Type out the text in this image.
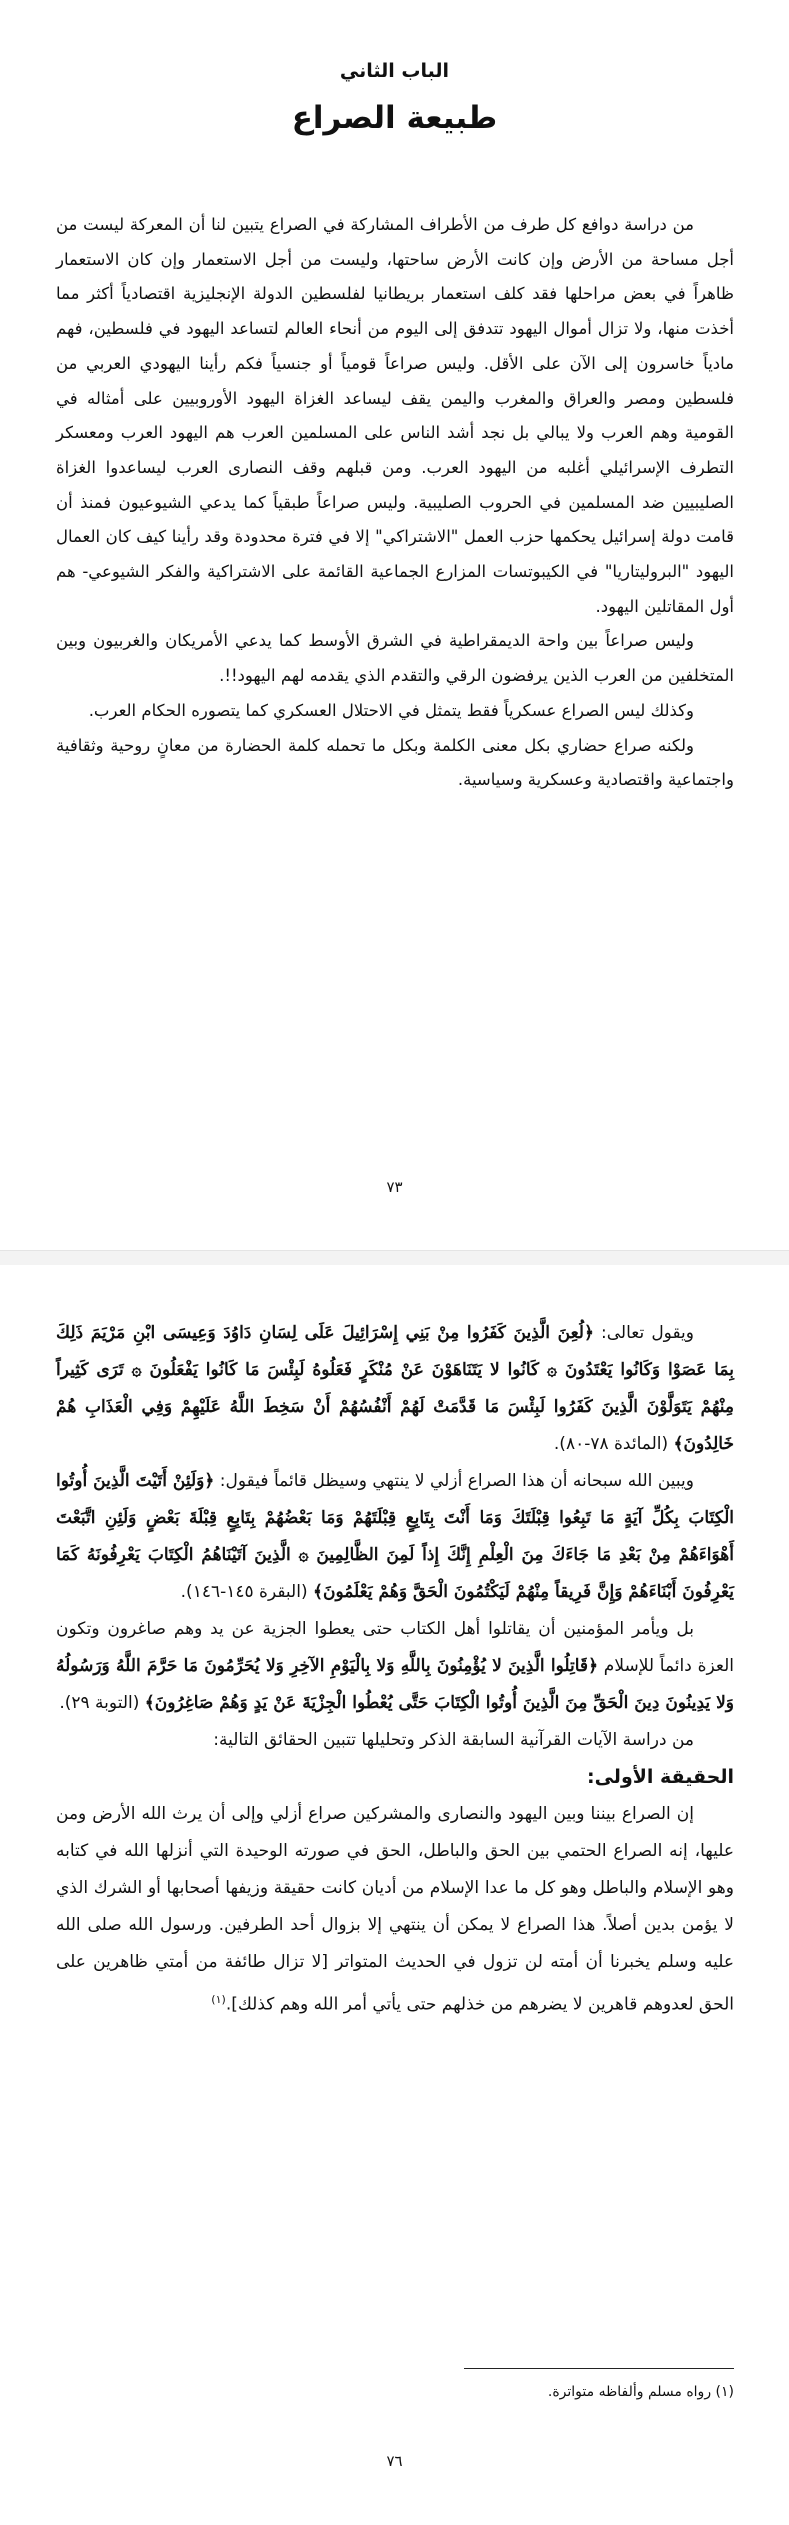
الباب الثاني
طبيعة الصراع

من دراسة دوافع كل طرف من الأطراف المشاركة في الصراع يتبين لنا أن المعركة ليست من أجل مساحة من الأرض وإن كانت الأرض ساحتها، وليست من أجل الاستعمار وإن كان الاستعمار ظاهراً في بعض مراحلها فقد كلف استعمار بريطانيا لفلسطين الدولة الإنجليزية اقتصادياً أكثر مما أخذت منها، ولا تزال أموال اليهود تتدفق إلى اليوم من أنحاء العالم لتساعد اليهود في فلسطين، فهم مادياً خاسرون إلى الآن على الأقل. وليس صراعاً قومياً أو جنسياً فكم رأينا اليهودي العربي من فلسطين ومصر والعراق والمغرب واليمن يقف ليساعد الغزاة اليهود الأوروبيين على أمثاله في القومية وهم العرب ولا يبالي بل نجد أشد الناس على المسلمين العرب هم اليهود العرب ومعسكر التطرف الإسرائيلي أغلبه من اليهود العرب. ومن قبلهم وقف النصارى العرب ليساعدوا الغزاة الصليبيين ضد المسلمين في الحروب الصليبية. وليس صراعاً طبقياً كما يدعي الشيوعيون فمنذ أن قامت دولة إسرائيل يحكمها حزب العمل "الاشتراكي" إلا في فترة محدودة وقد رأينا كيف كان العمال اليهود "البروليتاريا" في الكيبوتسات المزارع الجماعية القائمة على الاشتراكية والفكر الشيوعي- هم أول المقاتلين اليهود.

وليس صراعاً بين واحة الديمقراطية في الشرق الأوسط كما يدعي الأمريكان والغربيون وبين المتخلفين من العرب الذين يرفضون الرقي والتقدم الذي يقدمه لهم اليهود!!.

وكذلك ليس الصراع عسكرياً فقط يتمثل في الاحتلال العسكري كما يتصوره الحكام العرب.

ولكنه صراع حضاري بكل معنى الكلمة وبكل ما تحمله كلمة الحضارة من معانٍ روحية وثقافية واجتماعية واقتصادية وعسكرية وسياسية.

٧٣

ويقول تعالى: ﴿لُعِنَ الَّذِينَ كَفَرُوا مِنْ بَنِي إِسْرَائِيلَ عَلَى لِسَانِ دَاوُدَ وَعِيسَى ابْنِ مَرْيَمَ ذَلِكَ بِمَا عَصَوْا وَكَانُوا يَعْتَدُونَ ۞ كَانُوا لا يَتَنَاهَوْنَ عَنْ مُنْكَرٍ فَعَلُوهُ لَبِئْسَ مَا كَانُوا يَفْعَلُونَ ۞ تَرَى كَثِيراً مِنْهُمْ يَتَوَلَّوْنَ الَّذِينَ كَفَرُوا لَبِئْسَ مَا قَدَّمَتْ لَهُمْ أَنْفُسُهُمْ أَنْ سَخِطَ اللَّهُ عَلَيْهِمْ وَفِي الْعَذَابِ هُمْ خَالِدُونَ﴾ (المائدة ٧٨-٨٠).

ويبين الله سبحانه أن هذا الصراع أزلي لا ينتهي وسيظل قائماً فيقول: ﴿وَلَئِنْ أَتَيْتَ الَّذِينَ أُوتُوا الْكِتَابَ بِكُلِّ آيَةٍ مَا تَبِعُوا قِبْلَتَكَ وَمَا أَنْتَ بِتَابِعٍ قِبْلَتَهُمْ وَمَا بَعْضُهُمْ بِتَابِعٍ قِبْلَةَ بَعْضٍ وَلَئِنِ اتَّبَعْتَ أَهْوَاءَهُمْ مِنْ بَعْدِ مَا جَاءَكَ مِنَ الْعِلْمِ إِنَّكَ إِذاً لَمِنَ الظَّالِمِينَ ۞ الَّذِينَ آتَيْنَاهُمُ الْكِتَابَ يَعْرِفُونَهُ كَمَا يَعْرِفُونَ أَبْنَاءَهُمْ وَإِنَّ فَرِيقاً مِنْهُمْ لَيَكْتُمُونَ الْحَقَّ وَهُمْ يَعْلَمُونَ﴾ (البقرة ١٤٥-١٤٦).

بل ويأمر المؤمنين أن يقاتلوا أهل الكتاب حتى يعطوا الجزية عن يد وهم صاغرون وتكون العزة دائماً للإسلام ﴿قَاتِلُوا الَّذِينَ لا يُؤْمِنُونَ بِاللَّهِ وَلا بِالْيَوْمِ الآخِرِ وَلا يُحَرِّمُونَ مَا حَرَّمَ اللَّهُ وَرَسُولُهُ وَلا يَدِينُونَ دِينَ الْحَقِّ مِنَ الَّذِينَ أُوتُوا الْكِتَابَ حَتَّى يُعْطُوا الْجِزْيَةَ عَنْ يَدٍ وَهُمْ صَاغِرُونَ﴾ (التوبة ٢٩).

من دراسة الآيات القرآنية السابقة الذكر وتحليلها تتبين الحقائق التالية:

الحقيقة الأولى:

إن الصراع بيننا وبين اليهود والنصارى والمشركين صراع أزلي وإلى أن يرث الله الأرض ومن عليها، إنه الصراع الحتمي بين الحق والباطل، الحق في صورته الوحيدة التي أنزلها الله في كتابه وهو الإسلام والباطل وهو كل ما عدا الإسلام من أديان كانت حقيقة وزيفها أصحابها أو الشرك الذي لا يؤمن بدين أصلاً. هذا الصراع لا يمكن أن ينتهي إلا بزوال أحد الطرفين. ورسول الله صلى الله عليه وسلم يخبرنا أن أمته لن تزول في الحديث المتواتر [لا تزال طائفة من أمتي ظاهرين على الحق لعدوهم قاهرين لا يضرهم من خذلهم حتى يأتي أمر الله وهم كذلك].$^{(١)}$

(١) رواه مسلم وألفاظه متواترة.
٧٦
